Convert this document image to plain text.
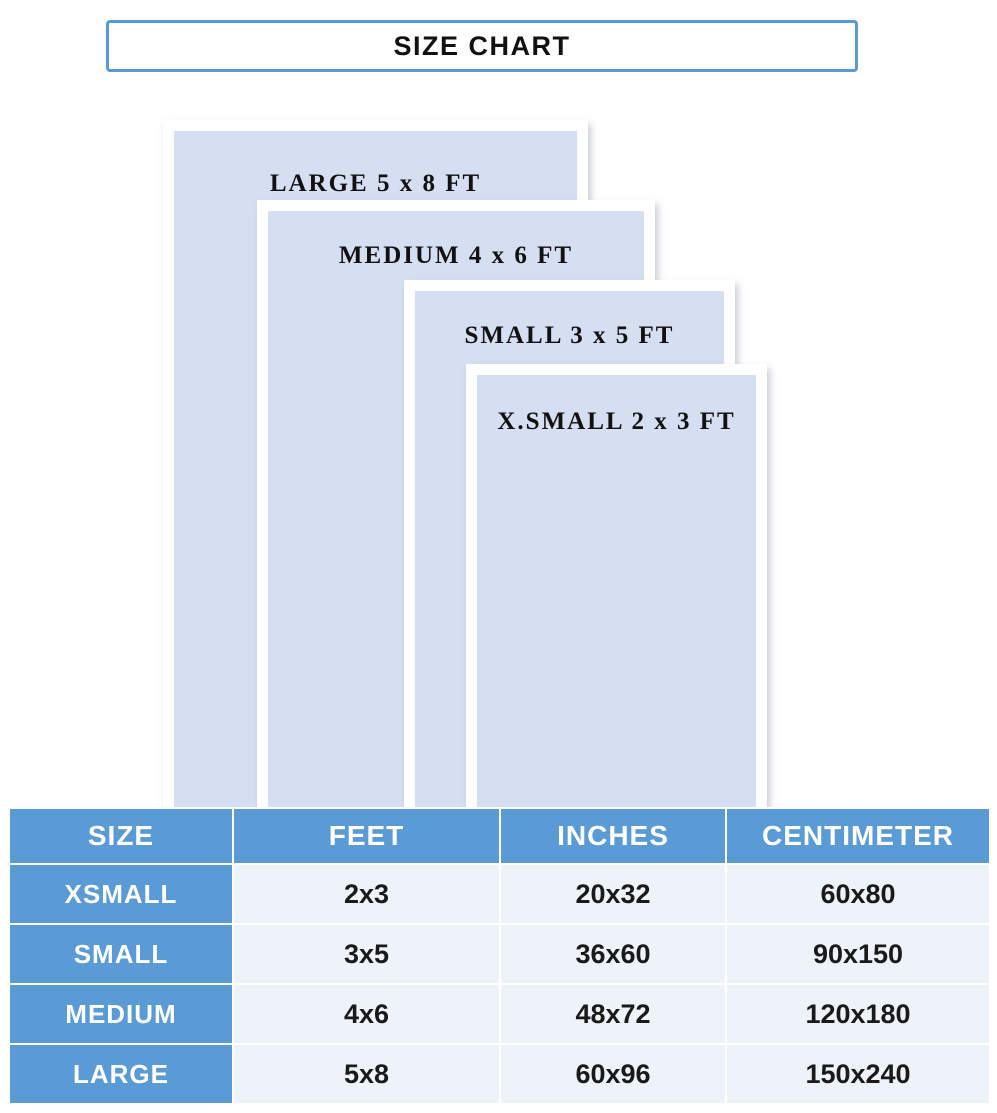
SIZE CHART
LARGE 5 x 8 FT
MEDIUM 4 x 6 FT
SMALL 3 x 5 FT
X.SMALL 2 x 3 FT
SIZE	FEET	INCHES	CENTIMETER
XSMALL	2x3	20x32	60x80
SMALL	3x5	36x60	90x150
MEDIUM	4x6	48x72	120x180
LARGE	5x8	60x96	150x240
